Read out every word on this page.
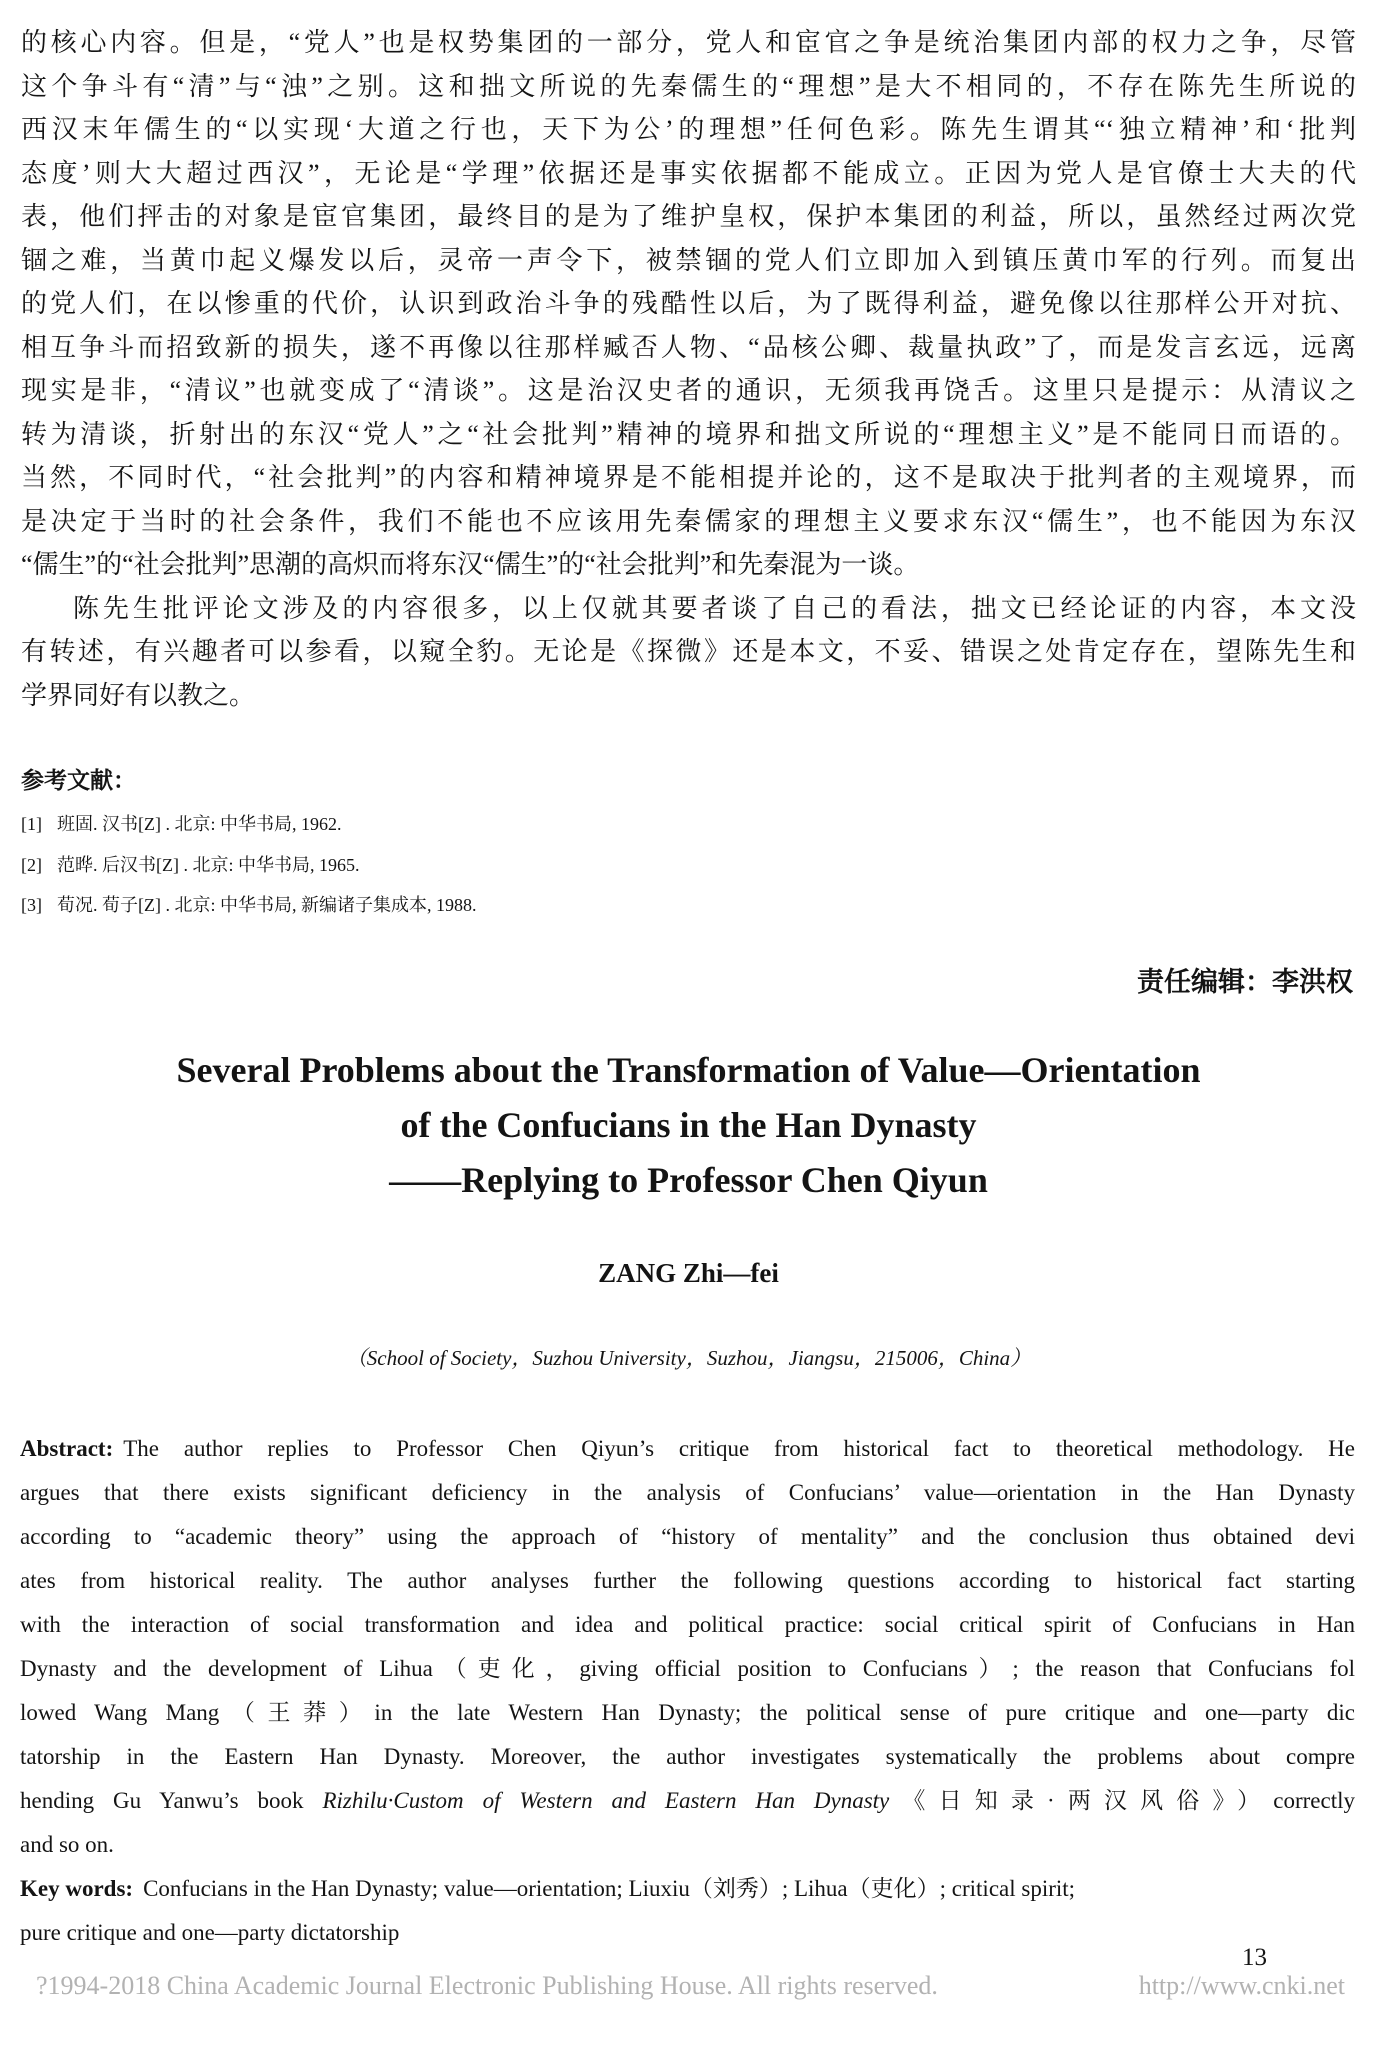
的核心内容。但是，“党人”也是权势集团的一部分，党人和宦官之争是统治集团内部的权力之争，尽管
这个争斗有“清”与“浊”之别。这和拙文所说的先秦儒生的“理想”是大不相同的，不存在陈先生所说的
西汉末年儒生的“以实现‘大道之行也，天下为公’的理想”任何色彩。陈先生谓其“‘独立精神’和‘批判
态度’则大大超过西汉”，无论是“学理”依据还是事实依据都不能成立。正因为党人是官僚士大夫的代
表，他们抨击的对象是宦官集团，最终目的是为了维护皇权，保护本集团的利益，所以，虽然经过两次党
锢之难，当黄巾起义爆发以后，灵帝一声令下，被禁锢的党人们立即加入到镇压黄巾军的行列。而复出
的党人们，在以惨重的代价，认识到政治斗争的残酷性以后，为了既得利益，避免像以往那样公开对抗、
相互争斗而招致新的损失，遂不再像以往那样臧否人物、“品核公卿、裁量执政”了，而是发言玄远，远离
现实是非，“清议”也就变成了“清谈”。这是治汉史者的通识，无须我再饶舌。这里只是提示：从清议之
转为清谈，折射出的东汉“党人”之“社会批判”精神的境界和拙文所说的“理想主义”是不能同日而语的。
当然，不同时代，“社会批判”的内容和精神境界是不能相提并论的，这不是取决于批判者的主观境界，而
是决定于当时的社会条件，我们不能也不应该用先秦儒家的理想主义要求东汉“儒生”，也不能因为东汉
“儒生”的“社会批判”思潮的高炽而将东汉“儒生”的“社会批判”和先秦混为一谈。
陈先生批评论文涉及的内容很多，以上仅就其要者谈了自己的看法，拙文已经论证的内容，本文没
有转述，有兴趣者可以参看，以窥全豹。无论是《探微》还是本文，不妥、错误之处肯定存在，望陈先生和
学界同好有以教之。
参考文献：
[1] 班固. 汉书[Z] . 北京: 中华书局, 1962.
[2] 范晔. 后汉书[Z] . 北京: 中华书局, 1965.
[3] 荀况. 荀子[Z] . 北京: 中华书局, 新编诸子集成本, 1988.
责任编辑：李洪权
Several Problems about the Transformation of Value—Orientation
of the Confucians in the Han Dynasty
——Replying to Professor Chen Qiyun
ZANG Zhi—fei
（School of Society，Suzhou University，Suzhou，Jiangsu，215006，China）
Abstract: The author replies to Professor Chen Qiyun’s critique from historical fact to theoretical methodology. He
argues that there exists significant deficiency in the analysis of Confucians’ value—orientation in the Han Dynasty
according to “academic theory” using the approach of “history of mentality” and the conclusion thus obtained devi
ates from historical reality. The author analyses further the following questions according to historical fact starting
with the interaction of social transformation and idea and political practice: social critical spirit of Confucians in Han
Dynasty and the development of Lihua（吏化，giving official position to Confucians）; the reason that Confucians fol
lowed Wang Mang（王莽）in the late Western Han Dynasty; the political sense of pure critique and one—party dic
tatorship in the Eastern Han Dynasty. Moreover, the author investigates systematically the problems about compre
hending Gu Yanwu’s book Rizhilu·Custom of Western and Eastern Han Dynasty《日知录·两汉风俗》）correctly
and so on.
Key words: Confucians in the Han Dynasty; value—orientation; Liuxiu（刘秀）; Lihua（吏化）; critical spirit;
pure critique and one—party dictatorship
13
?1994-2018 China Academic Journal Electronic Publishing House. All rights reserved.	http://www.cnki.net
